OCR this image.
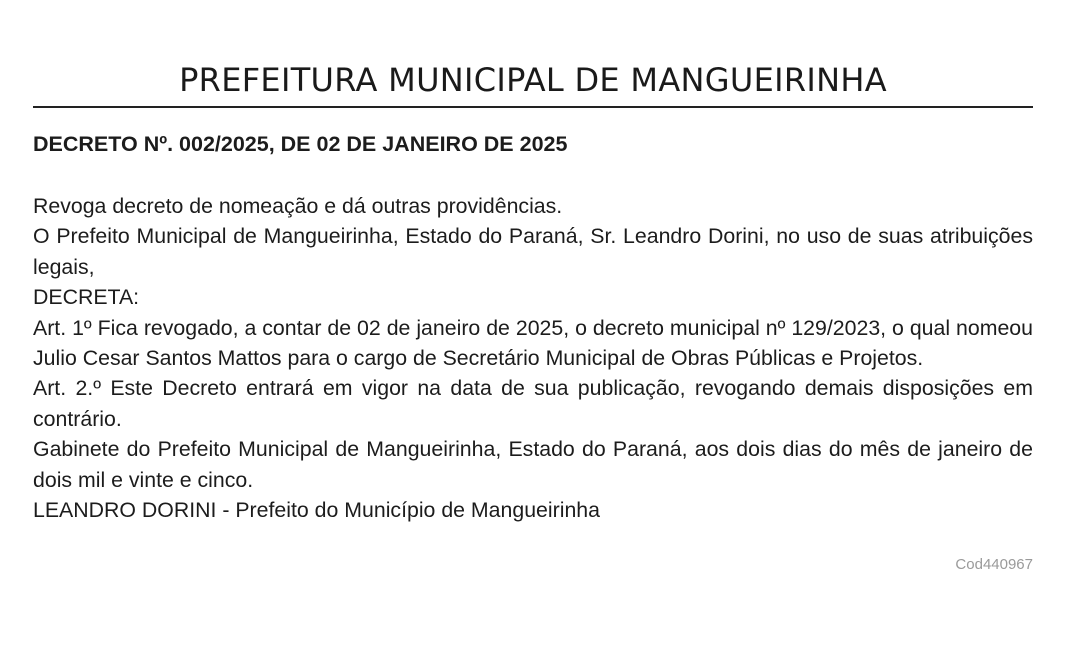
PREFEITURA MUNICIPAL DE MANGUEIRINHA
DECRETO Nº. 002/2025, DE 02 DE JANEIRO DE 2025

Revoga decreto de nomeação e dá outras providências.

O Prefeito Municipal de Mangueirinha, Estado do Paraná, Sr. Leandro Dorini, no uso de suas atribuições legais,

DECRETA:

Art. 1º Fica revogado, a contar de 02 de janeiro de 2025, o decreto municipal nº 129/2023, o qual nomeou Julio Cesar Santos Mattos para o cargo de Secretário Municipal de Obras Públicas e Projetos.

Art. 2.º Este Decreto entrará em vigor na data de sua publicação, revogando demais disposições em contrário.

Gabinete do Prefeito Municipal de Mangueirinha, Estado do Paraná, aos dois dias do mês de janeiro de dois mil e vinte e cinco.

LEANDRO DORINI - Prefeito do Município de Mangueirinha

Cod440967
